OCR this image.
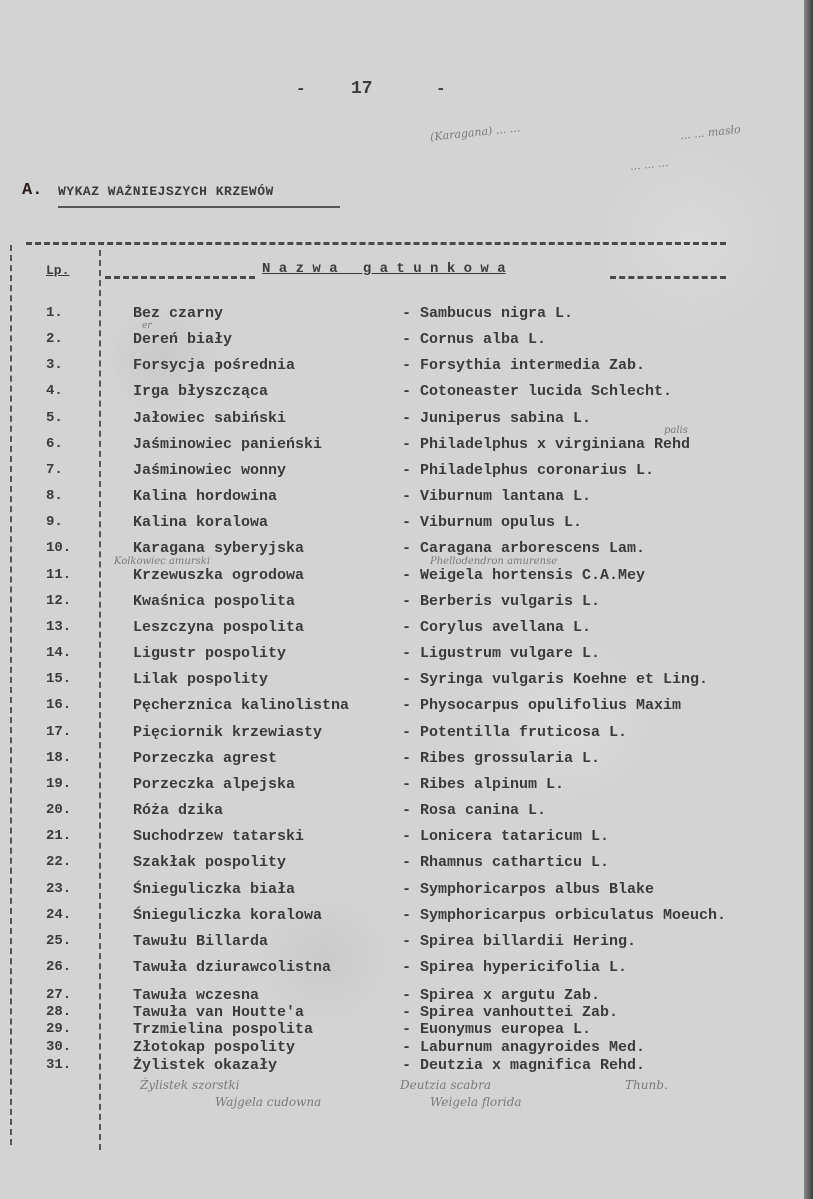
-	17	-
(Karagana) ... ...	... ... masło
... ... ...
A. WYKAZ WAŻNIEJSZYCH KRZEWÓW
Lp.	N a z w a   g a t u n k o w a
1.	Bez czarny	- Sambucus nigra L.
2.	Dereń biały	- Cornus alba L.
3.	Forsycja pośrednia	- Forsythia intermedia Zab.
4.	Irga błyszcząca	- Cotoneaster lucida Schlecht.
5.	Jałowiec sabiński	- Juniperus sabina L.
6.	Jaśminowiec panieński	- Philadelphus x virginiana Rehd
7.	Jaśminowiec wonny	- Philadelphus coronarius L.
8.	Kalina hordowina	- Viburnum lantana L.
9.	Kalina koralowa	- Viburnum opulus L.
10.	Karagana syberyjska	- Caragana arborescens Lam.
11.	Krzewuszka ogrodowa	- Weigela hortensis C.A.Mey
12.	Kwaśnica pospolita	- Berberis vulgaris L.
13.	Leszczyna pospolita	- Corylus avellana L.
14.	Ligustr pospolity	- Ligustrum vulgare L.
15.	Lilak pospolity	- Syringa vulgaris Koehne et Ling.
16.	Pęcherznica kalinolistna	- Physocarpus opulifolius Maxim
17.	Pięciornik krzewiasty	- Potentilla fruticosa L.
18.	Porzeczka agrest	- Ribes grossularia L.
19.	Porzeczka alpejska	- Ribes alpinum L.
20.	Róża dzika	- Rosa canina L.
21.	Suchodrzew tatarski	- Lonicera tataricum L.
22.	Szakłak pospolity	- Rhamnus catharticu L.
23.	Śnieguliczka biała	- Symphoricarpos albus Blake
24.	Śnieguliczka koralowa	- Symphoricarpus orbiculatus Moeuch.
25.	Tawułu Billarda	- Spirea billardii Hering.
26.	Tawuła dziurawcolistna	- Spirea hypericifolia L.
27.	Tawuła wczesna	- Spirea x argutu Zab.
28.	Tawuła van Houtte'a	- Spirea vanhouttei Zab.
29.	Trzmielina pospolita	- Euonymus europea L.
30.	Złotokap pospolity	- Laburnum anagyroides Med.
31.	Żylistek okazały	- Deutzia x magnifica Rehd.
Kolkowiec amurski	Phellodendron amurense
er
palis
Żylistek szorstki
Wajgela cudowna
Deutzia scabra
Weigela florida
Thunb.
